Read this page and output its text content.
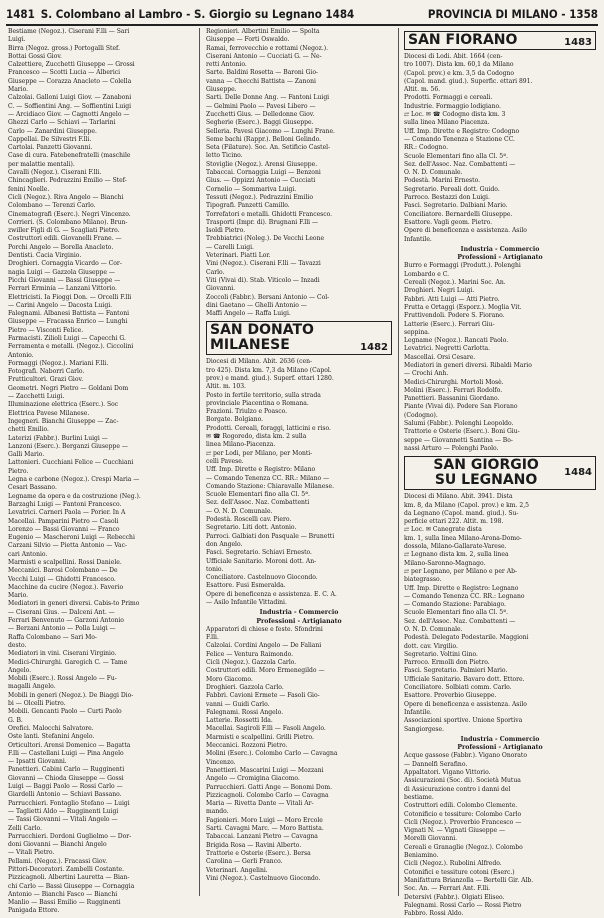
1481 S. Colombano al Lambro - S. Giorgio su Legnano 1484	PROVINCIA DI MILANO - 1358
Bestiame (Negoz.). Ciserani F.lli — Sari
Luigi.
Birra (Negoz. gross.) Portogalli Stef.
Bottai Gossi Giov.
Calzettiere, Zucchetti Giuseppe — Grossi
Francesco — Scotti Lucia — Alberici
Giuseppe — Corazza Anacleto — Colella
Mario.
Calzolai. Galloni Luigi Giov. — Zanaboni
C. — Soffientini Ang. — Soffientini Luigi
— Arcidiaco Giov. — Cagnotti Angelo —
Ghezzi Carlo — Schiavi — Tarlarini
Carlo — Zanardini Giuseppe.
Cappellai. De Silvestri F.lli.
Cartolai. Panzetti Giovanni.
Case di cura. Fatebenefratelli (maschile
per malattie mentali).
Cavalli (Negoz.). Ciserani F.lli.
Chincaglieri. Pedrazzini Emilio — Stef-
fenini Noelle.
Cicli (Negoz.). Riva Angelo — Bianchi
Colombano — Terenzi Carlo.
Cinematografi (Eserc.). Negri Vincenzo.
Corrieri. (S. Colombano Milano). Brun-
zwiller Figli di G. — Scagliati Pietro.
Costruttori edili. Giovanelli Frane. —
Porchi Angelo — Borella Anacleto.
Dentisti. Cacia Virginio.
Droghieri. Cornaggia Vicardo — Cor-
nagia Luigi — Gazzola Giuseppe —
Picchi Giovanni — Bassi Giuseppe —
Ferrari Erminia — Lanzani Vittorio.
Elettricisti. Ia Fioggi Don. — Orcelli F.lli
— Carini Angelo — Dacosta Luigi.
Falegnami. Albanesi Battista — Fantoni
Giuseppe — Fracassa Enrico — Lunghi
Pietro — Visconti Felice.
Farmacisti. Zilioli Luigi — Capecchi G.
Ferramenta e metalli. (Negoz.). Ciccolini
Antonio.
Formaggi (Negoz.). Mariani F.lli.
Fotografi. Naborri Carlo.
Frutticultori. Grazi Giov.
Geometri. Negri Pietro — Goldani Dom
— Zacchetti Luigi.
Illuminazione elettrica (Eserc.). Soc
Elettrica Pavese Milanese.
Ingegneri. Bianchi Giuseppe — Zac-
chetti Emilio.
Laterizi (Fabbr.). Burlini Luigi —
Lanzoni (Eserc.). Berganzi Giuseppe —
Galli Mario.
Lattonieri. Cucchiani Felice — Cucchiani
Pietro.
Legna e carbone (Negoz.). Crespi Maria —
Cesari Bassano.
Legname da opera e da costruzione (Neg.).
Barzaghi Luigi — Fantoni Francesco.
Levatrici. Carneri Paola — Porier. In A
Macellai. Pamparini Pietro — Casoli
Lorenzo — Bassi Giovanni — Franco
Eugenio — Mascheroni Luigi — Rebecchi
Carzani Silvio — Pietta Antonio — Vac-
cari Antonio.
Marmisti e scalpellini. Rossi Daniele.
Meccanici. Barosi Colombano — De
Vecchi Luigi — Ghidotti Francesco.
Macchine da cucire (Negoz.). Faverio
Mario.
Mediatori in generi diversi. Cabis-to Primo
— Ciserani Gius. — Dalceni Ant. —
Ferrari Benvenuto — Garzoni Antonio
— Berzani Antonio — Polla Luigi —
Raffa Colombano — Sari Mo-
desto.
Mediatori in vini. Ciserani Virginio.
Medici-Chirurghi. Garegich C. — Tame
Angelo.
Mobili (Eserc.). Rossi Angelo — Fu-
magalli Angelo.
Mobili in generi (Negoz.). De Biaggi Dio-
bi — Olcelli Pietro.
Mobili. Gencanti Paolo — Curti Paolo
G. B.
Orefici. Malocchi Salvatore.
Oste lanti. Stefanini Angelo.
Orticultori. Arensi Domenico — Bagatta
F.lli — Castellani Luigi — Pina Angelo
— Ipsatti Giovanni.
Panettieri. Cabini Carlo — Rugginenti
Giovanni — Chioda Giuseppe — Gossi
Luigi — Baggi Paolo — Rossi Carlo —
Giardelli Antonio — Schiavi Bassano.
Parrucchieri. Fontaglio Stefano — Luigi
— Taglietti Aldo — Rugginenti Luigi
— Tassi Giovanni — Vitali Angelo —
Zelli Carlo.
Parrucchieri. Dordoni Guglielmo — Dor-
doni Giovanni — Bianchi Angelo
— Vitali Pietro.
Pellami. (Negoz.). Fracassi Giov.
Pittori-Decoratori. Zambelli Costante.
Pizzicagnoli. Albertini Lauretta — Bian-
chi Carlo — Bassi Giuseppe — Cornaggia
Antonio — Bianchi Fasco — Bianchi
Manlio — Bassi Emilio — Rugginenti
Panigada Ettore.
Regionieri. Albertini Emilio — Spolta
Giuseppe — Forti Oswaldo.
Ramai, ferrovecchio e rottami (Negoz.).
Ciserani Antonio — Cucciati G. — Ne-
retti Antonio.
Sarte. Baldini Rosetta — Baroni Gio-
vanna — Checchi Battista — Zanoni
Giuseppe.
Sarti. Delle Donne Ang. — Fantoni Luigi
— Gelmini Paolo — Pavesi Libero —
Zucchetti Gius. — Delledonne Giov.
Segherie (Eserc.). Baggi Giuseppe.
Selleria. Pavesi Giacomo — Lunghi Frane.
Seme bachi (Rappr.). Belloni Gelindo.
Seta (Filature). Soc. An. Setificio Castel-
letto Ticino.
Stoviglie (Negoz.). Arensi Giuseppe.
Tabaccai. Cornaggia Luigi — Benzoni
Gius. — Oppizzi Antonio — Cucciati
Cornelio — Sommariva Luigi.
Tessuti (Negoz.). Pedrazzini Emilio
Tipografi. Panzetti Camillo.
Torrefatori e metalli. Ghidotti Francesco.
Trasporti (Impr. di). Brugnani F.lli —
Isoldi Pietro.
Trebbiatrici (Noleg.). De Vecchi Leone
— Carelli Luigi.
Veterinari. Piatti Lor.
Vini (Negoz.). Ciserani F.lli — Tavazzi
Carlo.
Viti (Vivai di). Stab. Viticolo — Inzadi
Giovanni.
Zoccoli (Fabbr.). Bersani Antonio — Col-
dini Gaetano — Ghelli Antonio —
Maffi Angelo — Raffa Luigi.
SAN DONATO MILANESE	1482
Diocesi di Milano. Abit. 2636 (cen-
tro 425). Dista km. 7,3 da Milano (Capol.
prov.) e mand. giud.). Superf. ettari 1280.
Altit. m. 103.
Posto in fertile territorio, sulla strada
provinciale Piacentina o Romana.
Frazioni. Triulzo e Poasco.
Borgate. Bolgiano.
Prodotti. Cereali, foraggi, latticini e riso.
✉ ☎ Rogoredo, dista km. 2 sulla
linea Milano-Piacenza.
⇄ per Lodi, per Milano, per Monti-
celli Pavese.
Uff. Imp. Dirette e Registro: Milano
— Comando Tenenza CC. RR.: Milano —
Comando Stazione: Chiaravalle Milanese.
Scuole Elementari fino alla Cl. 5ª.
Sez. dell'Assoc. Naz. Combattenti
— O. N. D. Comunale.
Podestà. Roscelli cav. Piero.
Segretario. Liti dott. Antonio.
Parroci. Galbiati don Pasquale — Brunetti
don Angelo.
Fasci. Segretario. Schiavi Ernesto.
Ufficiale Sanitario. Moroni dott. An-
tonio.
Conciliatore. Castelnuovo Giocondo.
Esattore. Fusi Esmeralda.
Opere di beneficenza e assistenza. E. C. A.
— Asilo Infantile Vittadini.
Industria - Commercio
Professioni - Artigianato
Apparatori di chiese e feste. Sfondrini
F.lli.
Calzolai. Cordini Angelo — De Faliani
Felice — Ventura Raimondo.
Cicli (Negoz.). Gazzola Carlo.
Costruttori edili. Moro Ermenegildo —
Moro Giacomo.
Droghieri. Gazzola Carlo.
Fabbri. Cavioni Ermete — Fasoli Gio-
vanni — Guidi Carlo.
Falegnami. Rossi Angelo.
Latterie. Rossetti Ida.
Macellai. Sagiroli F.lli — Fasoli Angelo.
Marmisti e scalpellini. Grilli Pietro.
Meccanici. Rozzoni Pietro.
Molini (Eserc.). Colombo Carlo — Cavagna
Vincenzo.
Panettieri. Mascarini Luigi — Mozzani
Angelo — Cromigina Giacomo.
Parrucchieri. Gatti Ange — Bonomi Dom.
Pizzicagnoli. Colombo Carlo — Cavagna
Maria — Rivetta Dante — Vitali Ar-
mando.
Fagionieri. Moro Luigi — Moro Ercole
Sarti. Cavagni Marc. — Moro Battista.
Tabaccai. Lanzani Pietro — Cavagna
Brigida Rosa — Ravini Alberto.
Trattorie e Osterie (Eserc.). Bersa
Carolina — Gerli Franco.
Veterinari. Angelini.
Vini (Negoz.). Castelnuovo Giocondo.
SAN FIORANO	1483
Diocesi di Lodi. Abit. 1664 (cen-
tro 1007). Dista km. 60,1 da Milano
(Capol. prov.) e km. 3,5 da Codogno
(Capol. mand. giud.). Superfic. ettari 891.
Altit. m. 56.
Prodotti. Formaggi e cereali.
Industrie. Formaggio lodigiano.
⇄ Loc. ✉ ☎ Codogno dista km. 3
sulla linea Milano Piacenza.
Uff. Imp. Dirette e Registro: Codogno
— Comando Tenenza e Stazione CC.
RR.: Codogno.
Scuole Elementari fino alla Cl. 5ª.
Sez. dell'Assoc. Naz. Combattenti —
O. N. D. Comunale.
Podestà. Marini Ernesto.
Segretario. Pereali dott. Guido.
Parroco. Bestazzi don Luigi.
Fasci. Segretario. Dalbiani Mario.
Conciliatore. Bernardelli Giuseppe.
Esattore. Vagli geom. Pietro.
Opere di beneficenza e assistenza. Asilo
Infantile.
Industria - Commercio
Professioni - Artigianato
Burro e Formaggi (Produtt.). Polenghi
Lombardo e C.
Cereali (Negoz.). Marini Soc. An.
Droghieri. Negri Luigi.
Fabbri. Atti Luigi — Atti Pietro.
Frutta e Ortaggi (Esporz.). Moglia Vit.
Fruttivendoli. Podere S. Fiorano.
Latterie (Eserc.). Ferrari Giu-
seppina.
Legname (Negoz.). Rancati Paolo.
Levatrici. Negretti Carlotta.
Mascellai. Orsi Cesare.
Mediatori in generi diversi. Ribaldi Mario
— Crochi Anh.
Medici-Chirurghi. Mortoli Mosè.
Molini (Eserc.). Ferrari Rodolfo.
Panettieri. Bassanini Giordano.
Piante (Vivai di). Podere San Fiorano
(Codogno).
Salumi (Fabbr.). Polenghi Leopoldo.
Trattorie e Osterie (Eserc.). Boni Giu-
seppe — Giovannetti Santina — Bo-
nassi Arturo — Polenghi Paolo.
SAN GIORGIO
SU LEGNANO	1484
Diocesi di Milano. Abit. 3941. Dista
km. 8, da Milano (Capol. prov.) e km. 2,5
da Legnano (Capol. mand. giud.). Su-
perficie ettari 222. Altit. m. 198.
⇄ Loc. ✉ Canegrate dista
km. 1, sulla linea Milano-Arona-Domo-
dossola, Milano-Gallarate-Varese.
⇄ Legnano dista km. 2, sulla linea
Milano-Saronno-Magnago.
⇄ per Legnano, per Milano e per Ab-
biategrasso.
Uff. Imp. Dirette e Registro: Legnano
— Comando Tenenza CC. RR.: Legnano
— Comando Stazione: Parabiago.
Scuole Elementari fino alla Cl. 5ª.
Sez. dell'Assoc. Naz. Combattenti —
O. N. D. Comunale.
Podestà. Delegato Podestarile. Maggioni
dott. cav. Virgilio.
Segretario. Voltini Gino.
Parroco. Ermolli don Pietro.
Fasci. Segretario. Palmieri Mario.
Ufficiale Sanitario. Bavaro dott. Ettore.
Conciliatore. Solbiati comm. Carlo.
Esattore. Proverbio Giuseppe.
Opere di beneficenza e assistenza. Asilo
Infantile.
Associazioni sportive. Unione Sportiva
Sangiorgese.
Industria - Commercio
Professioni - Artigianato
Acque gassose (Fabbr.). Vigano Onorato
— Dannelfi Serafino.
Appaltatori. Vigano Vittorio.
Assicurazioni (Soc. di). Società Mutua
di Assicurazione contro i danni del
bestiame.
Costruttori edili. Colombo Clemente.
Cotonificio e tessiture: Colombo Carlo
Cicli (Negoz.). Proverbio Francesco —
Vignati N. — Vignati Giuseppe —
Morelli Giovanni.
Cereali e Granaglie (Negoz.). Colombo
Beniamino.
Cicli (Negoz.). Rubolini Alfredo.
Cotonifici e tessiture cotoni (Eserc.)
Manifattura Brianzolla — Bertelli Gir. Alb.
Soc. An. — Ferrari Ant. F.lli.
Detersivi (Fabbr.). Olgiati Eliseo.
Falegnami. Rossi Carlo — Rossi Pietro
Fabbro. Rossi Aldo.
